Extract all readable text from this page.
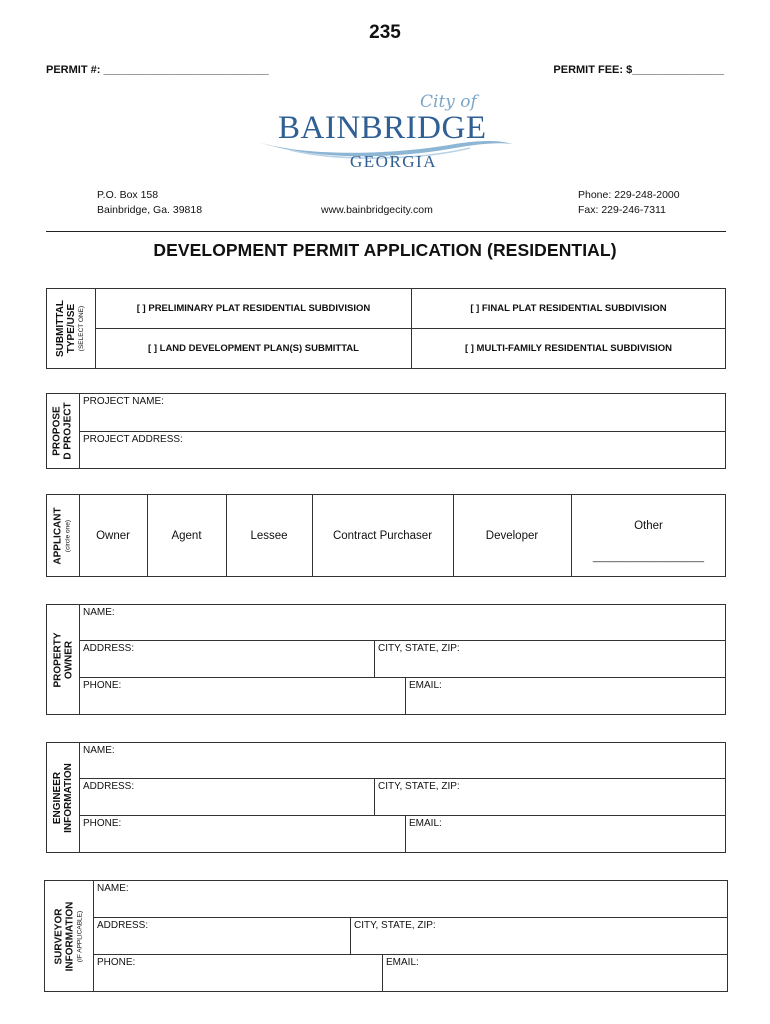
235
PERMIT #: ___________________________	PERMIT FEE: $_______________
City of
BAINBRIDGE
GEORGIA
P.O. Box 158
Bainbridge, Ga. 39818	www.bainbridgecity.com
Phone: 229-248-2000
Fax: 229-246-7311
DEVELOPMENT PERMIT APPLICATION (RESIDENTIAL)
SUBMITTAL TYPE/USE (SELECT ONE)	[ ] PRELIMINARY PLAT RESIDENTIAL SUBDIVISION	[ ] FINAL PLAT RESIDENTIAL SUBDIVISION
[ ] LAND DEVELOPMENT PLAN(S) SUBMITTAL	[ ] MULTI-FAMILY RESIDENTIAL SUBDIVISION
PROPOSE D PROJECT
PROJECT NAME:
PROJECT ADDRESS:
APPLICANT (circle one)	Owner	Agent	Lessee	Contract Purchaser	Developer
Other
____________________
PROPERTY OWNER
NAME:
ADDRESS:	CITY, STATE, ZIP:
PHONE:	EMAIL:
ENGINEER INFORMATION
NAME:
ADDRESS:	CITY, STATE, ZIP:
PHONE:	EMAIL:
SURVEYOR INFORMATION (IF APPLICABLE)
NAME:
ADDRESS:	CITY, STATE, ZIP:
PHONE:	EMAIL:
